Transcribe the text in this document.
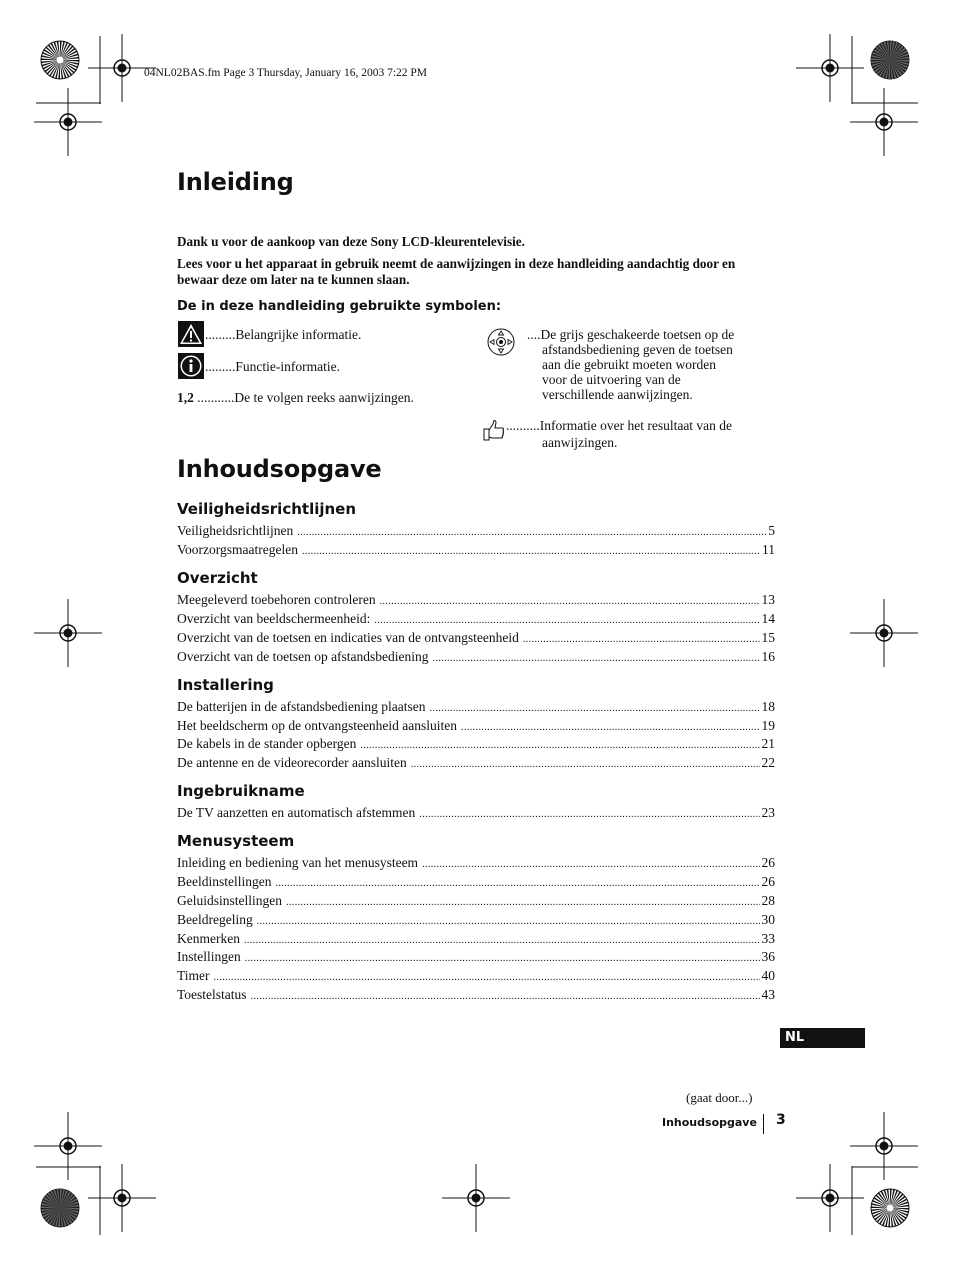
04NL02BAS.fm Page 3 Thursday, January 16, 2003 7:22 PM
Inleiding
Dank u voor de aankoop van deze Sony LCD-kleurentelevisie.
Lees voor u het apparaat in gebruik neemt de aanwijzingen in deze handleiding aandachtig door en bewaar deze om later na te kunnen slaan.
De in deze handleiding gebruikte symbolen:
.........Belangrijke informatie.
.........Functie-informatie.
1,2 ...........De te volgen reeks aanwijzingen.
....De grijs geschakeerde toetsen op de
afstandsbediening geven de toetsen
aan die gebruikt moeten worden
voor de uitvoering van de
verschillende aanwijzingen.
..........Informatie over het resultaat van de
aanwijzingen.
Inhoudsopgave
Veiligheidsrichtlijnen
Veiligheidsrichtlijnen .....	5
Voorzorgsmaatregelen .....	11
Overzicht
Meegeleverd toebehoren controleren .....	13
Overzicht van beeldschermeenheid: .....	14
Overzicht van de toetsen en indicaties van de ontvangsteenheid .....	15
Overzicht van de toetsen op afstandsbediening .....	16
Installering
De batterijen in de afstandsbediening plaatsen .....	18
Het beeldscherm op de ontvangsteenheid aansluiten .....	19
De kabels in de stander opbergen .....	21
De antenne en de videorecorder aansluiten .....	22
Ingebruikname
De TV aanzetten en automatisch afstemmen .....	23
Menusysteem
Inleiding en bediening van het menusysteem .....	26
Beeldinstellingen .....	26
Geluidsinstellingen .....	28
Beeldregeling .....	30
Kenmerken .....	33
Instellingen .....	36
Timer .....	40
Toestelstatus .....	43
NL
(gaat door...)
Inhoudsopgave 3
